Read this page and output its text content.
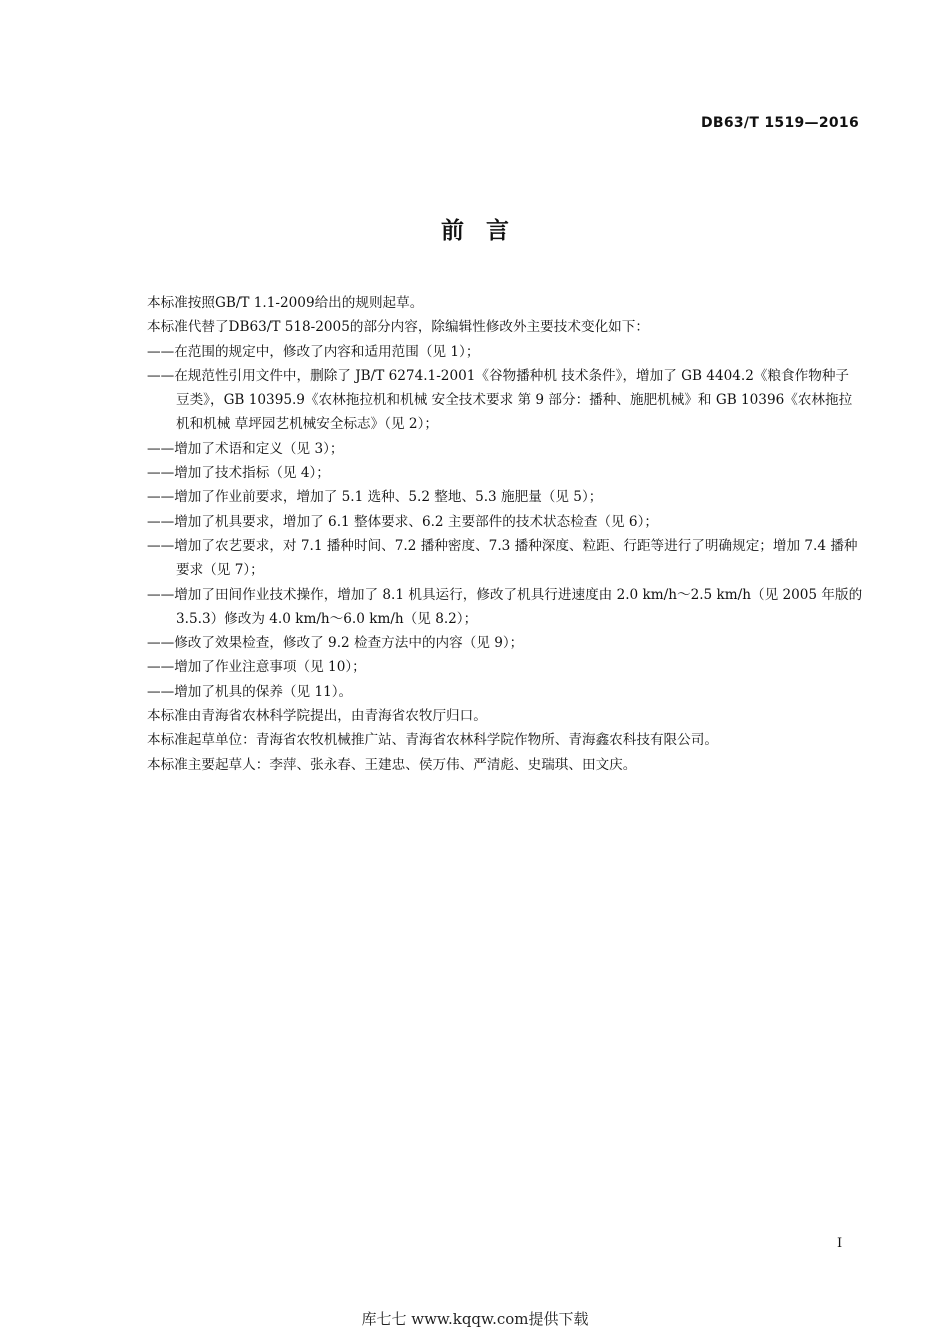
DB63/T 1519—2016
前言

本标准按照GB/T 1.1-2009给出的规则起草。

本标准代替了DB63/T 518-2005的部分内容，除编辑性修改外主要技术变化如下：

——在范围的规定中，修改了内容和适用范围（见 1）；

——在规范性引用文件中，删除了 JB/T 6274.1-2001《谷物播种机 技术条件》，增加了 GB 4404.2《粮食作物种子 豆类》，GB 10395.9《农林拖拉机和机械 安全技术要求 第 9 部分：播种、施肥机械》和 GB 10396《农林拖拉机和机械 草坪园艺机械安全标志》（见 2）；

——增加了术语和定义（见 3）；

——增加了技术指标（见 4）；

——增加了作业前要求，增加了 5.1 选种、5.2 整地、5.3 施肥量（见 5）；

——增加了机具要求，增加了 6.1 整体要求、6.2 主要部件的技术状态检查（见 6）；

——增加了农艺要求，对 7.1 播种时间、7.2 播种密度、7.3 播种深度、粒距、行距等进行了明确规定；增加 7.4 播种要求（见 7）；

——增加了田间作业技术操作，增加了 8.1 机具运行，修改了机具行进速度由 2.0 km/h～2.5 km/h（见 2005 年版的 3.5.3）修改为 4.0 km/h～6.0 km/h（见 8.2）；

——修改了效果检查，修改了 9.2 检查方法中的内容（见 9）；

——增加了作业注意事项（见 10）；

——增加了机具的保养（见 11）。

本标准由青海省农林科学院提出，由青海省农牧厅归口。

本标准起草单位：青海省农牧机械推广站、青海省农林科学院作物所、青海鑫农科技有限公司。

本标准主要起草人：李萍、张永春、王建忠、侯万伟、严清彪、史瑞琪、田文庆。

I
库七七 www.kqqw.com提供下载
